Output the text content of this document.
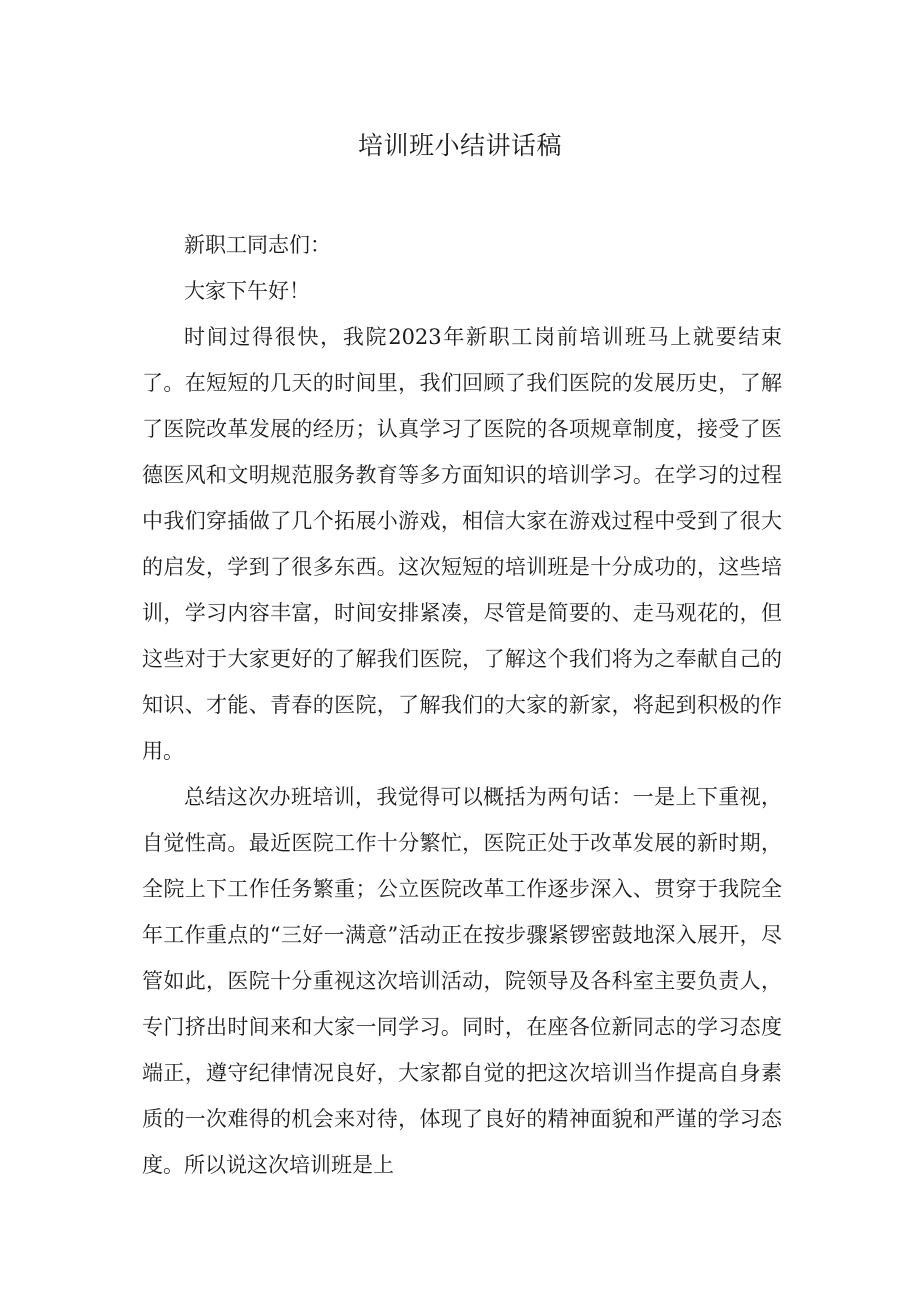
培训班小结讲话稿

新职工同志们：

大家下午好！

时间过得很快，我院2023年新职工岗前培训班马上就要结束了。在短短的几天的时间里，我们回顾了我们医院的发展历史，了解了医院改革发展的经历；认真学习了医院的各项规章制度，接受了医德医风和文明规范服务教育等多方面知识的培训学习。在学习的过程中我们穿插做了几个拓展小游戏，相信大家在游戏过程中受到了很大的启发，学到了很多东西。这次短短的培训班是十分成功的，这些培训，学习内容丰富，时间安排紧凑，尽管是简要的、走马观花的，但这些对于大家更好的了解我们医院，了解这个我们将为之奉献自己的知识、才能、青春的医院，了解我们的大家的新家，将起到积极的作用。

总结这次办班培训，我觉得可以概括为两句话：一是上下重视，自觉性高。最近医院工作十分繁忙，医院正处于改革发展的新时期，全院上下工作任务繁重；公立医院改革工作逐步深入、贯穿于我院全年工作重点的“三好一满意”活动正在按步骤紧锣密鼓地深入展开，尽管如此，医院十分重视这次培训活动，院领导及各科室主要负责人，专门挤出时间来和大家一同学习。同时，在座各位新同志的学习态度端正，遵守纪律情况良好，大家都自觉的把这次培训当作提高自身素质的一次难得的机会来对待，体现了良好的精神面貌和严谨的学习态度。所以说这次培训班是上
